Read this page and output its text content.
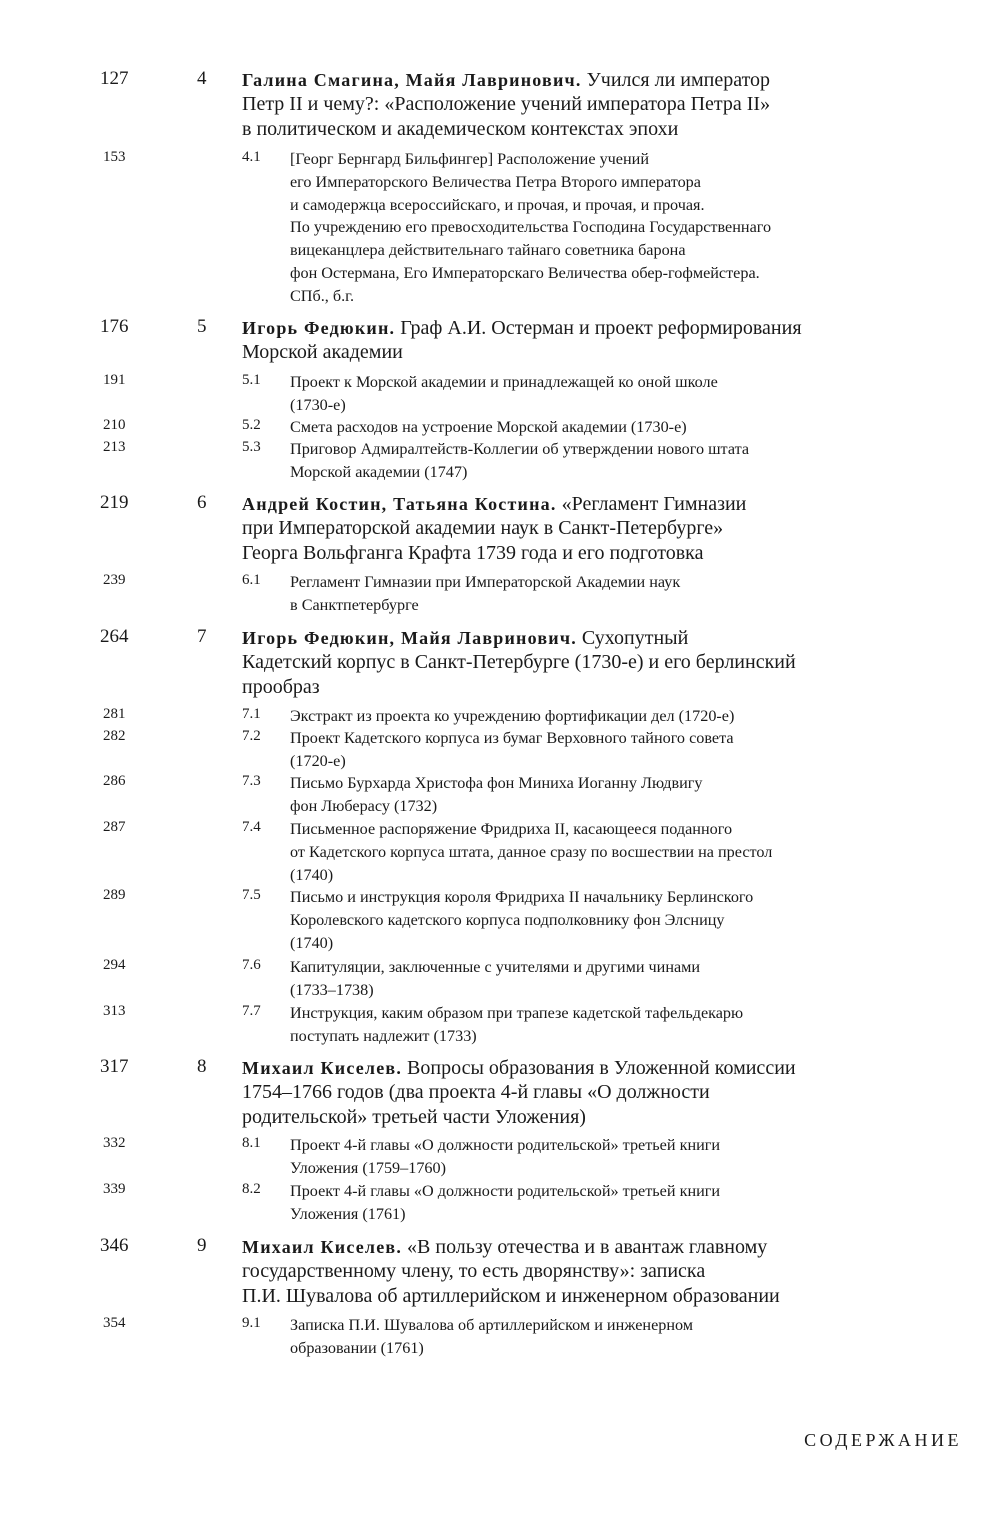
127	4 Галина Смагина, Майя Лавринович. Учился ли император
Петр II и чему?: «Расположение учений императора Петра II»
в политическом и академическом контекстах эпохи
153	4.1 [Георг Бернгард Бильфингер] Расположение учений
его Императорского Величества Петра Второго императора
и самодержца всероссийскаго, и прочая, и прочая, и прочая.
По учреждению его превосходительства Господина Государственнаго
вицеканцлера действительнаго тайнаго советника барона
фон Остермана, Его Императорскаго Величества обер-гофмейстера.
СПб., б.г.
176	5 Игорь Федюкин. Граф А.И. Остерман и проект реформирования
Морской академии
191	5.1 Проект к Морской академии и принадлежащей ко оной школе
(1730-е)
210	5.2 Смета расходов на устроение Морской академии (1730-е)
213	5.3 Приговор Адмиралтейств-Коллегии об утверждении нового штата
Морской академии (1747)
219	6 Андрей Костин, Татьяна Костина. «Регламент Гимназии
при Императорской академии наук в Санкт-Петербурге»
Георга Вольфганга Крафта 1739 года и его подготовка
239	6.1 Регламент Гимназии при Императорской Академии наук
в Санктпетербурге
264	7 Игорь Федюкин, Майя Лавринович. Сухопутный
Кадетский корпус в Санкт-Петербурге (1730-е) и его берлинский
прообраз
281	7.1 Экстракт из проекта ко учреждению фортификации дел (1720-е)
282	7.2 Проект Кадетского корпуса из бумаг Верховного тайного совета
(1720-е)
286	7.3 Письмо Бурхарда Христофа фон Миниха Иоганну Людвигу
фон Люберасу (1732)
287	7.4 Письменное распоряжение Фридриха II, касающееся поданного
от Кадетского корпуса штата, данное сразу по восшествии на престол
(1740)
289	7.5 Письмо и инструкция короля Фридриха II начальнику Берлинского
Королевского кадетского корпуса подполковнику фон Элсницу
(1740)
294	7.6 Капитуляции, заключенные с учителями и другими чинами
(1733–1738)
313	7.7 Инструкция, каким образом при трапезе кадетской тафельдекарю
поступать надлежит (1733)
317	8 Михаил Киселев. Вопросы образования в Уложенной комиссии
1754–1766 годов (два проекта 4-й главы «О должности
родительской» третьей части Уложения)
332	8.1 Проект 4-й главы «О должности родительской» третьей книги
Уложения (1759–1760)
339	8.2 Проект 4-й главы «О должности родительской» третьей книги
Уложения (1761)
346	9 Михаил Киселев. «В пользу отечества и в авантаж главному
государственному члену, то есть дворянству»: записка
П.И. Шувалова об артиллерийском и инженерном образовании
354	9.1 Записка П.И. Шувалова об артиллерийском и инженерном
образовании (1761)
СОДЕРЖАНИЕ
